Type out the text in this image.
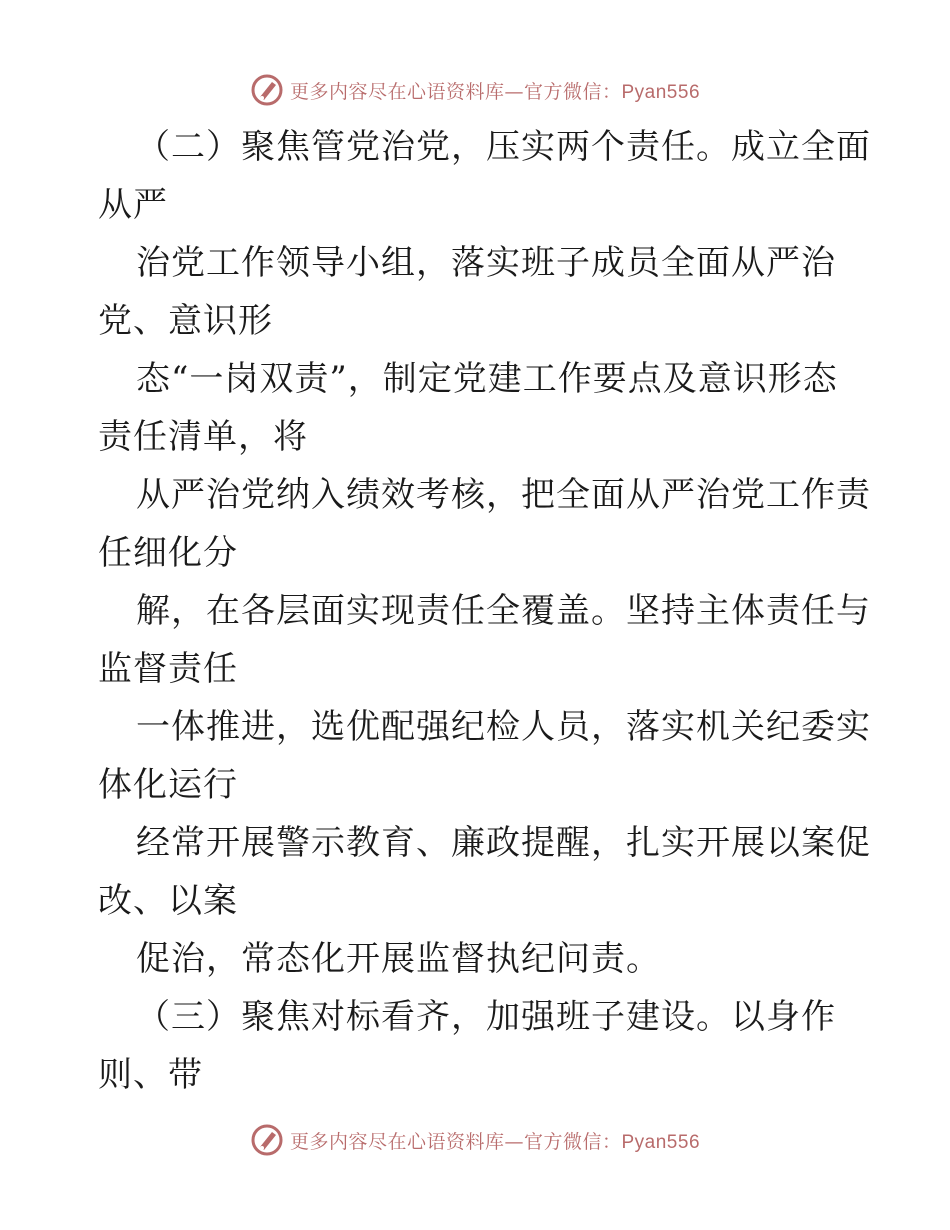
更多内容尽在心语资料库—官方微信：Pyan556
（二）聚焦管党治党，压实两个责任。成立全面
从严
治党工作领导小组，落实班子成员全面从严治
党、意识形
态“一岗双责”，制定党建工作要点及意识形态
责任清单，将
从严治党纳入绩效考核，把全面从严治党工作责
任细化分
解，在各层面实现责任全覆盖。坚持主体责任与
监督责任
一体推进，选优配强纪检人员，落实机关纪委实
体化运行
经常开展警示教育、廉政提醒，扎实开展以案促
改、以案
促治，常态化开展监督执纪问责。
（三）聚焦对标看齐，加强班子建设。以身作
则、带
更多内容尽在心语资料库—官方微信：Pyan556
